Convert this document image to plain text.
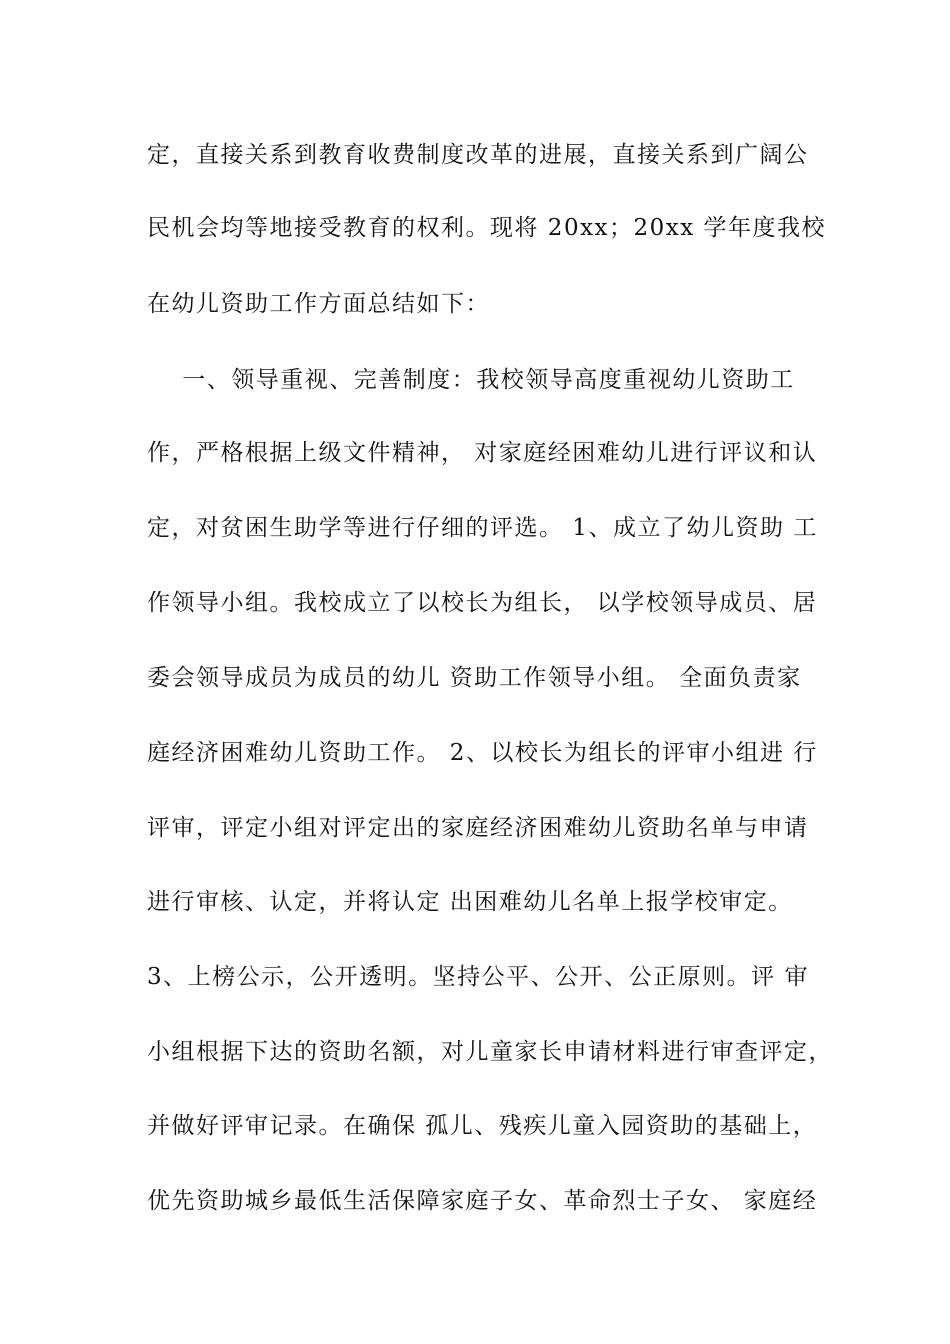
定，直接关系到教育收费制度改革的进展，直接关系到广阔公

民机会均等地接受教育的权利。现将 20xx；20xx 学年度我校

在幼儿资助工作方面总结如下：

一、领导重视、完善制度：我校领导高度重视幼儿资助工

作，严格根据上级文件精神， 对家庭经困难幼儿进行评议和认

定，对贫困生助学等进行仔细的评选。 1、成立了幼儿资助 工

作领导小组。我校成立了以校长为组长， 以学校领导成员、居

委会领导成员为成员的幼儿 资助工作领导小组。 全面负责家

庭经济困难幼儿资助工作。 2、以校长为组长的评审小组进 行

评审，评定小组对评定出的家庭经济困难幼儿资助名单与申请

进行审核、认定，并将认定 出困难幼儿名单上报学校审定。

3、上榜公示，公开透明。坚持公平、公开、公正原则。评 审

小组根据下达的资助名额，对儿童家长申请材料进行审查评定，

并做好评审记录。在确保 孤儿、残疾儿童入园资助的基础上，

优先资助城乡最低生活保障家庭子女、革命烈士子女、 家庭经
